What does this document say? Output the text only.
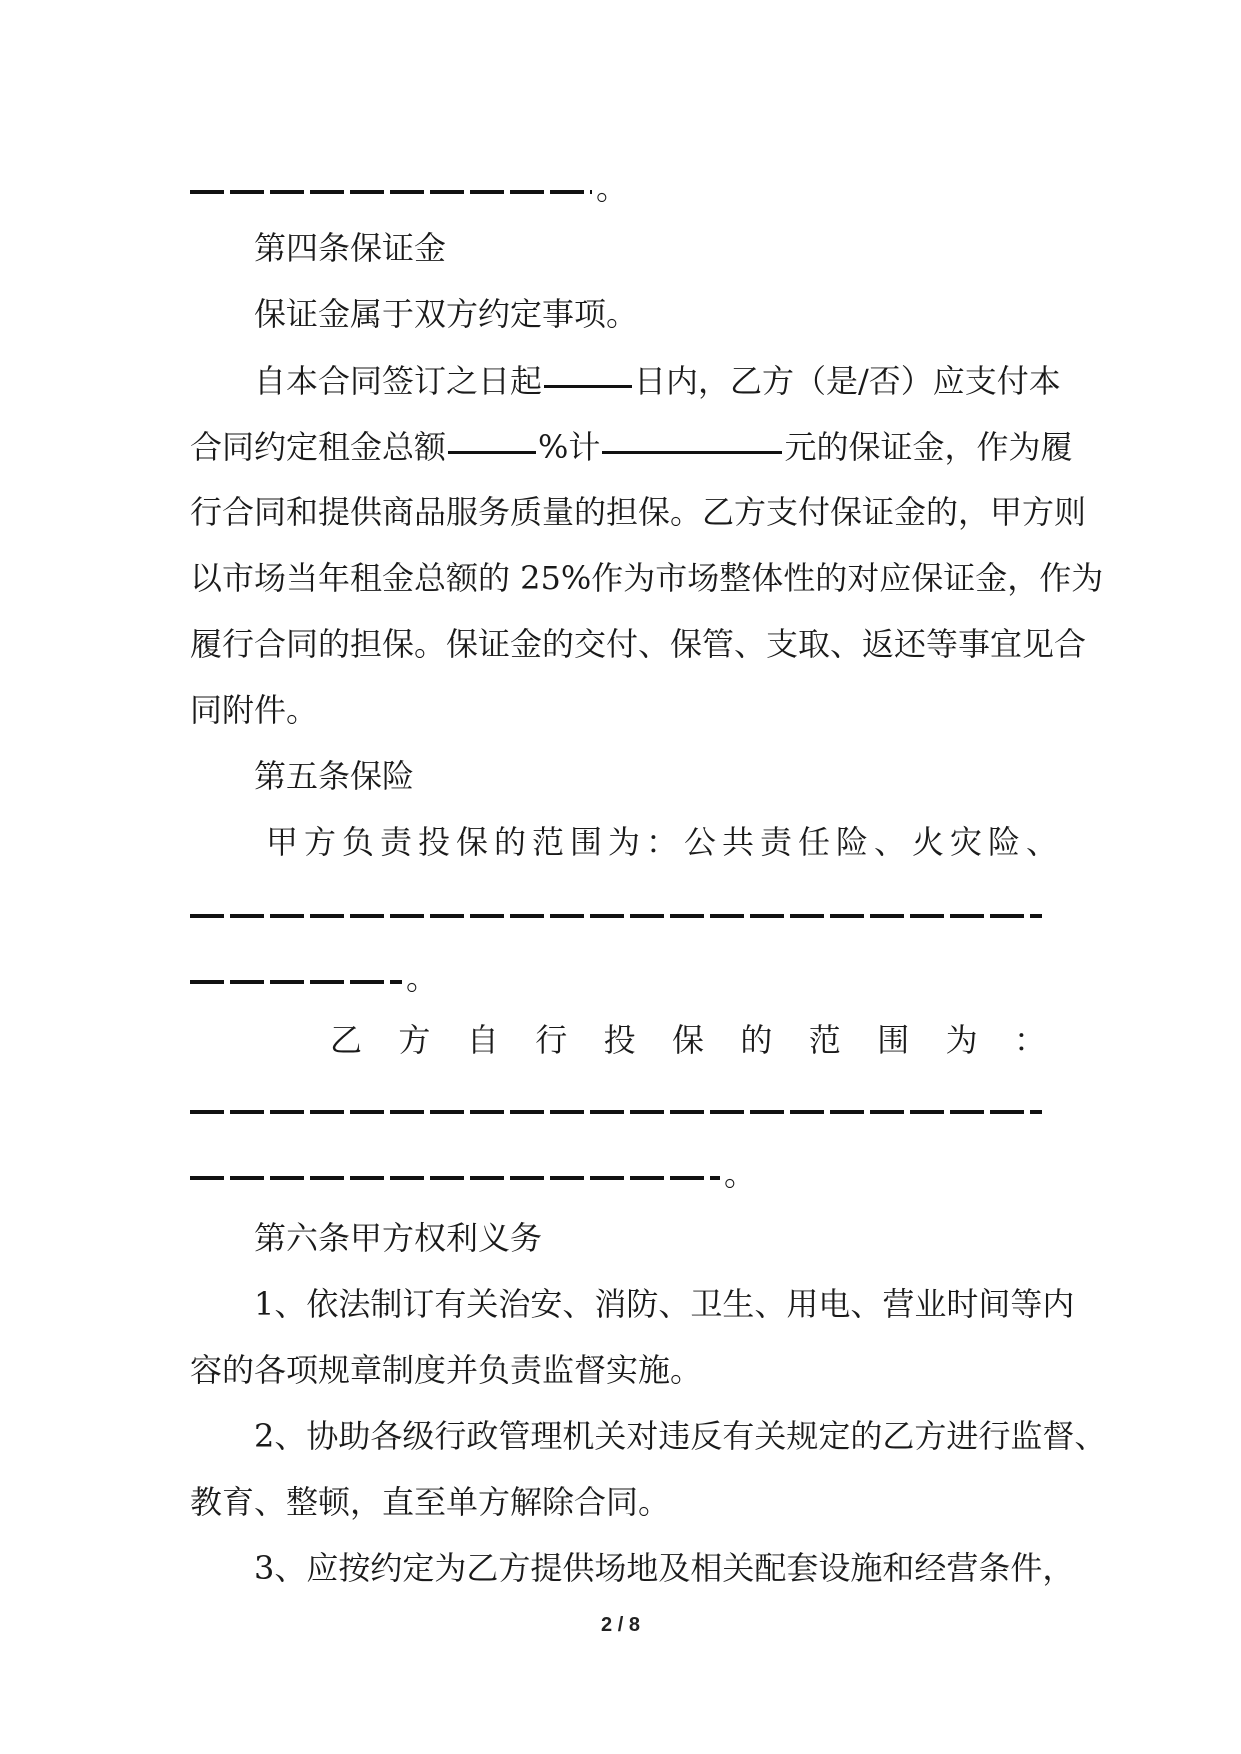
。
第四条保证金
保证金属于双方约定事项。
自本合同签订之日起	日内，乙方（是/否）应支付本
合同约定租金总额	%计	元的保证金，作为履
行合同和提供商品服务质量的担保。乙方支付保证金的，甲方则
以市场当年租金总额的 25%作为市场整体性的对应保证金，作为
履行合同的担保。保证金的交付、保管、支取、返还等事宜见合
同附件。
第五条保险
甲方负责投保的范围为：公共责任险、火灾险、
。
乙方自行投保的范围为：
。
第六条甲方权利义务
1、依法制订有关治安、消防、卫生、用电、营业时间等内
容的各项规章制度并负责监督实施。
2、协助各级行政管理机关对违反有关规定的乙方进行监督、
教育、整顿，直至单方解除合同。
3、应按约定为乙方提供场地及相关配套设施和经营条件，
2 / 8
